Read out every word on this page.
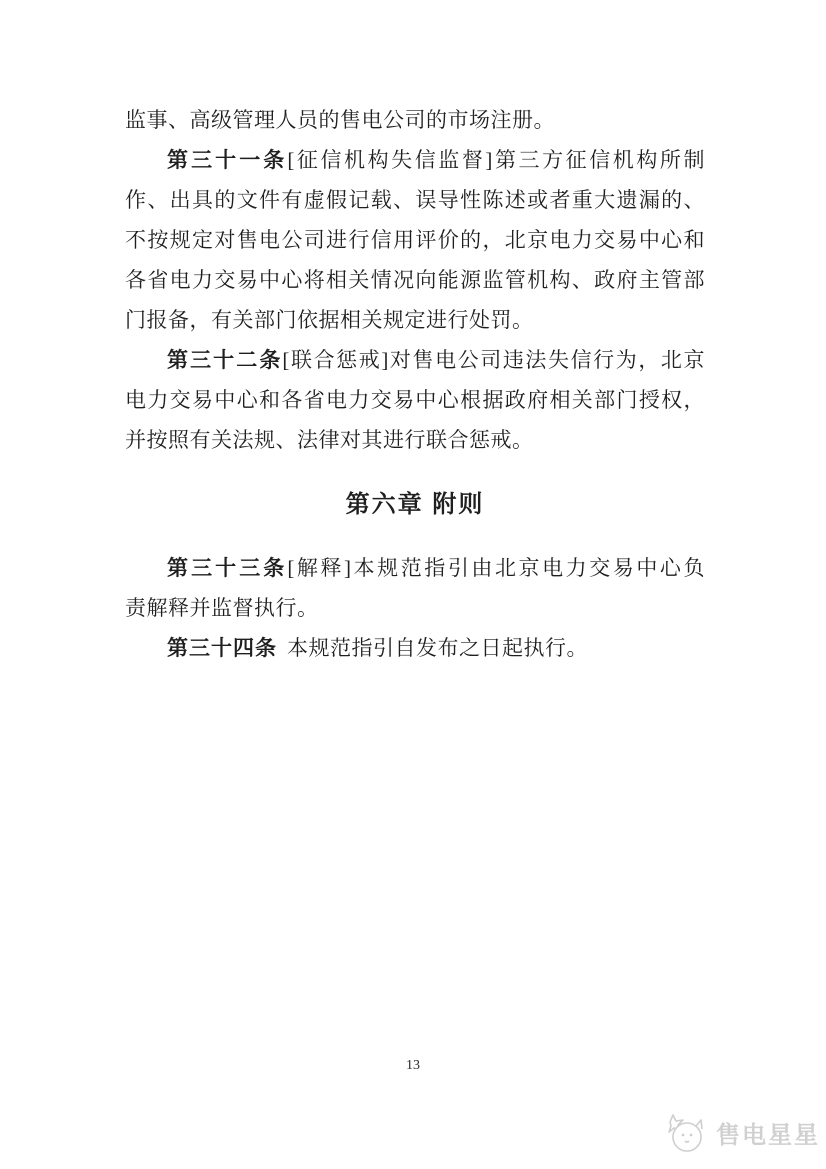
监事、高级管理人员的售电公司的市场注册。
第三十一条[征信机构失信监督]第三方征信机构所制
作、出具的文件有虚假记载、误导性陈述或者重大遗漏的、
不按规定对售电公司进行信用评价的，北京电力交易中心和
各省电力交易中心将相关情况向能源监管机构、政府主管部
门报备，有关部门依据相关规定进行处罚。
第三十二条[联合惩戒]对售电公司违法失信行为，北京
电力交易中心和各省电力交易中心根据政府相关部门授权，
并按照有关法规、法律对其进行联合惩戒。
第六章 附则
第三十三条[解释]本规范指引由北京电力交易中心负
责解释并监督执行。
第三十四条 本规范指引自发布之日起执行。
13
售电星星
